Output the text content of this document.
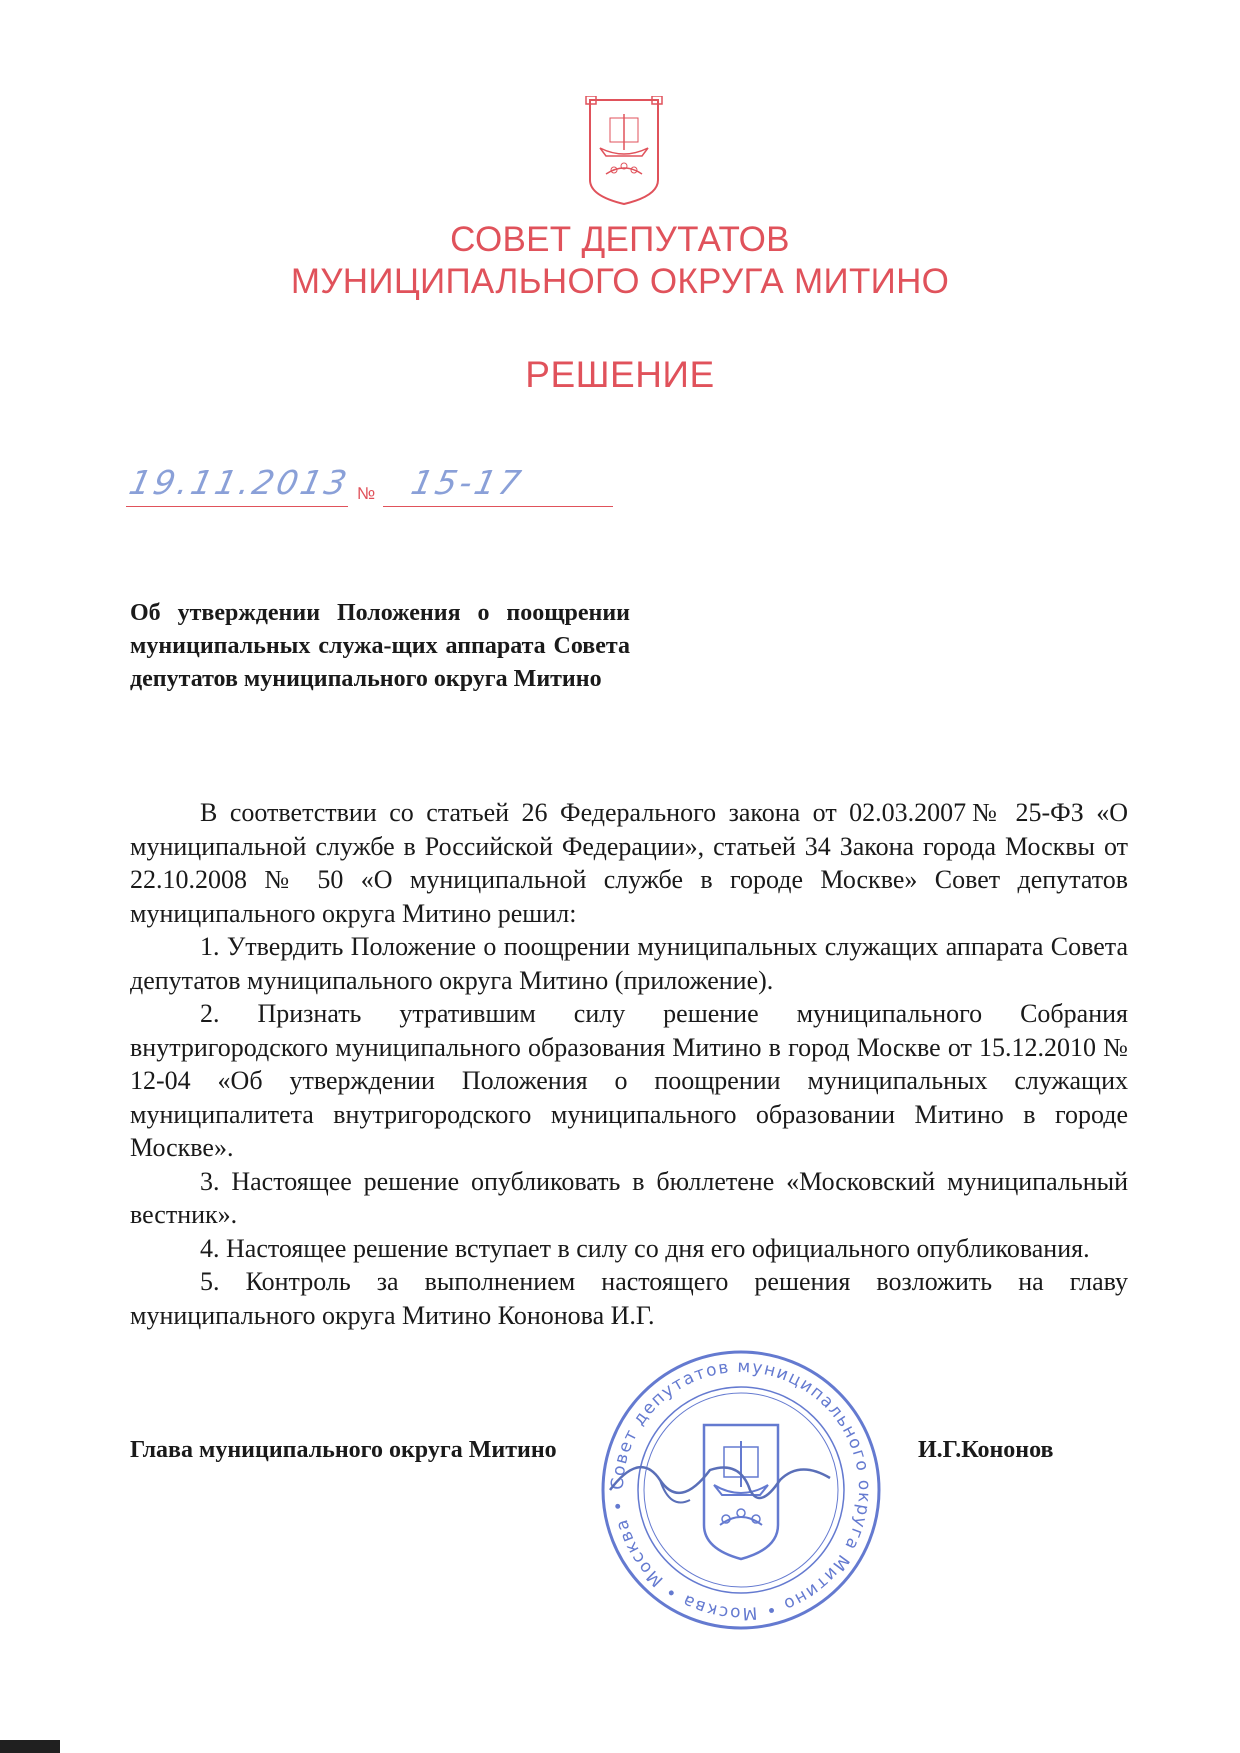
СОВЕТ ДЕПУТАТОВ
МУНИЦИПАЛЬНОГО ОКРУГА МИТИНО
РЕШЕНИЕ
19.11.2013 № 15-17
Об утверждении Положения о поощрении муниципальных служа-щих аппарата Совета депутатов муниципального округа Митино

В соответствии со статьей 26 Федерального закона от 02.03.2007№ 25-ФЗ «О муниципальной службе в Российской Федерации», статьей 34 Закона города Москвы от 22.10.2008 № 50 «О муниципальной службе в городе Москве» Совет депутатов муниципального округа Митино решил:

1. Утвердить Положение о поощрении муниципальных служащих аппарата Совета депутатов муниципального округа Митино (приложение).

2. Признать утратившим силу решение муниципального Собрания внутригородского муниципального образования Митино в город Москве от 15.12.2010 № 12-04 «Об утверждении Положения о поощрении муниципальных служащих муниципалитета внутригородского муниципального образовании Митино в городе Москве».

3. Настоящее решение опубликовать в бюллетене «Московский муниципальный вестник».

4. Настоящее решение вступает в силу со дня его официального опубликования.

5. Контроль за выполнением настоящего решения возложить на главу муниципального округа Митино Кононова И.Г.

Совет депутатов муниципального округа Митино • Москва • Москва •
Глава муниципального округа Митино	И.Г.Кононов
